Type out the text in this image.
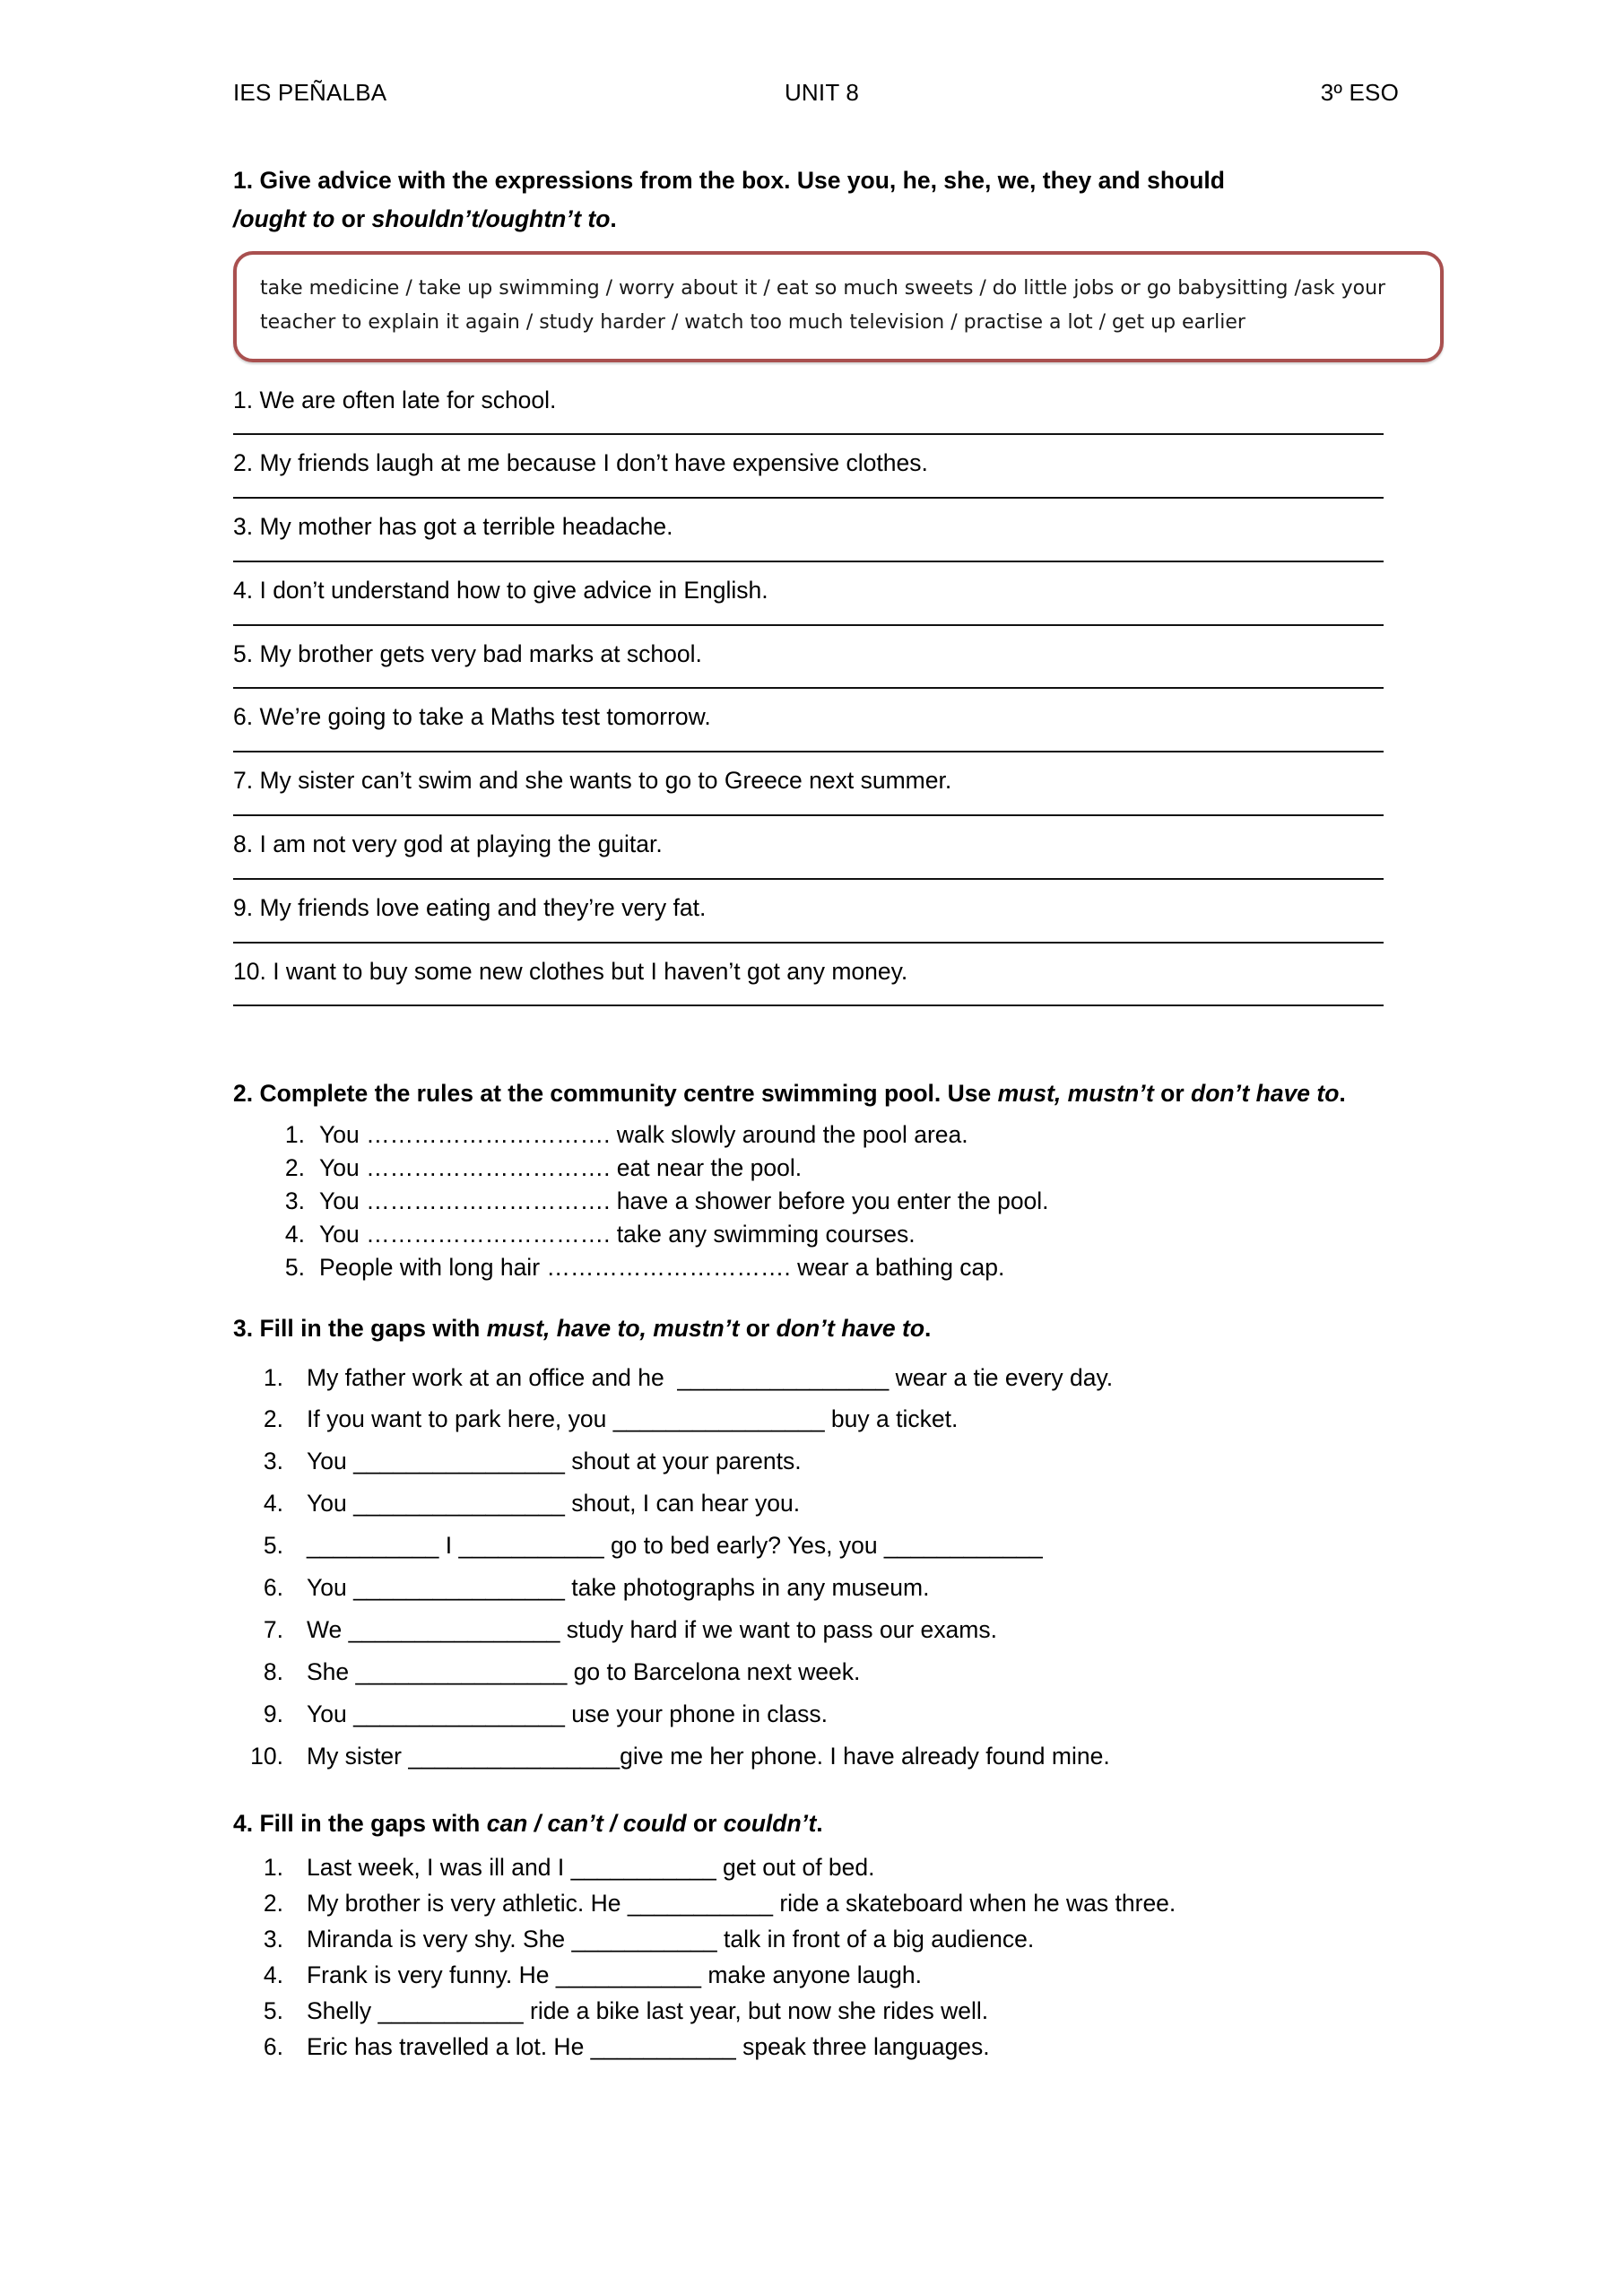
IES PEÑALBA	UNIT 8	3º ESO
1. Give advice with the expressions from the box. Use you, he, she, we, they and should
/ought to or shouldn’t/oughtn’t to.
take medicine / take up swimming / worry about it / eat so much sweets / do little jobs or go babysitting /ask your
teacher to explain it again / study harder / watch too much television / practise a lot / get up earlier
1. We are often late for school.
2. My friends laugh at me because I don’t have expensive clothes.
3. My mother has got a terrible headache.
4. I don’t understand how to give advice in English.
5. My brother gets very bad marks at school.
6. We’re going to take a Maths test tomorrow.
7. My sister can’t swim and she wants to go to Greece next summer.
8. I am not very god at playing the guitar.
9. My friends love eating and they’re very fat.
10. I want to buy some new clothes but I haven’t got any money.
2. Complete the rules at the community centre swimming pool. Use must, mustn’t or don’t have to.
1. You …………………………. walk slowly around the pool area.
2. You …………………………. eat near the pool.
3. You …………………………. have a shower before you enter the pool.
4. You …………………………. take any swimming courses.
5. People with long hair …………………………. wear a bathing cap.
3. Fill in the gaps with must, have to, mustn’t or don’t have to.
1. My father work at an office and he  ________________ wear a tie every day.
2. If you want to park here, you ________________ buy a ticket.
3. You ________________ shout at your parents.
4. You ________________ shout, I can hear you.
5. __________ I ___________ go to bed early? Yes, you ____________
6. You ________________ take photographs in any museum.
7. We ________________ study hard if we want to pass our exams.
8. She ________________ go to Barcelona next week.
9. You ________________ use your phone in class.
10. My sister ________________give me her phone. I have already found mine.
4. Fill in the gaps with can / can’t / could or couldn’t.
1. Last week, I was ill and I ___________ get out of bed.
2. My brother is very athletic. He ___________ ride a skateboard when he was three.
3. Miranda is very shy. She ___________ talk in front of a big audience.
4. Frank is very funny. He ___________ make anyone laugh.
5. Shelly ___________ ride a bike last year, but now she rides well.
6. Eric has travelled a lot. He ___________ speak three languages.
